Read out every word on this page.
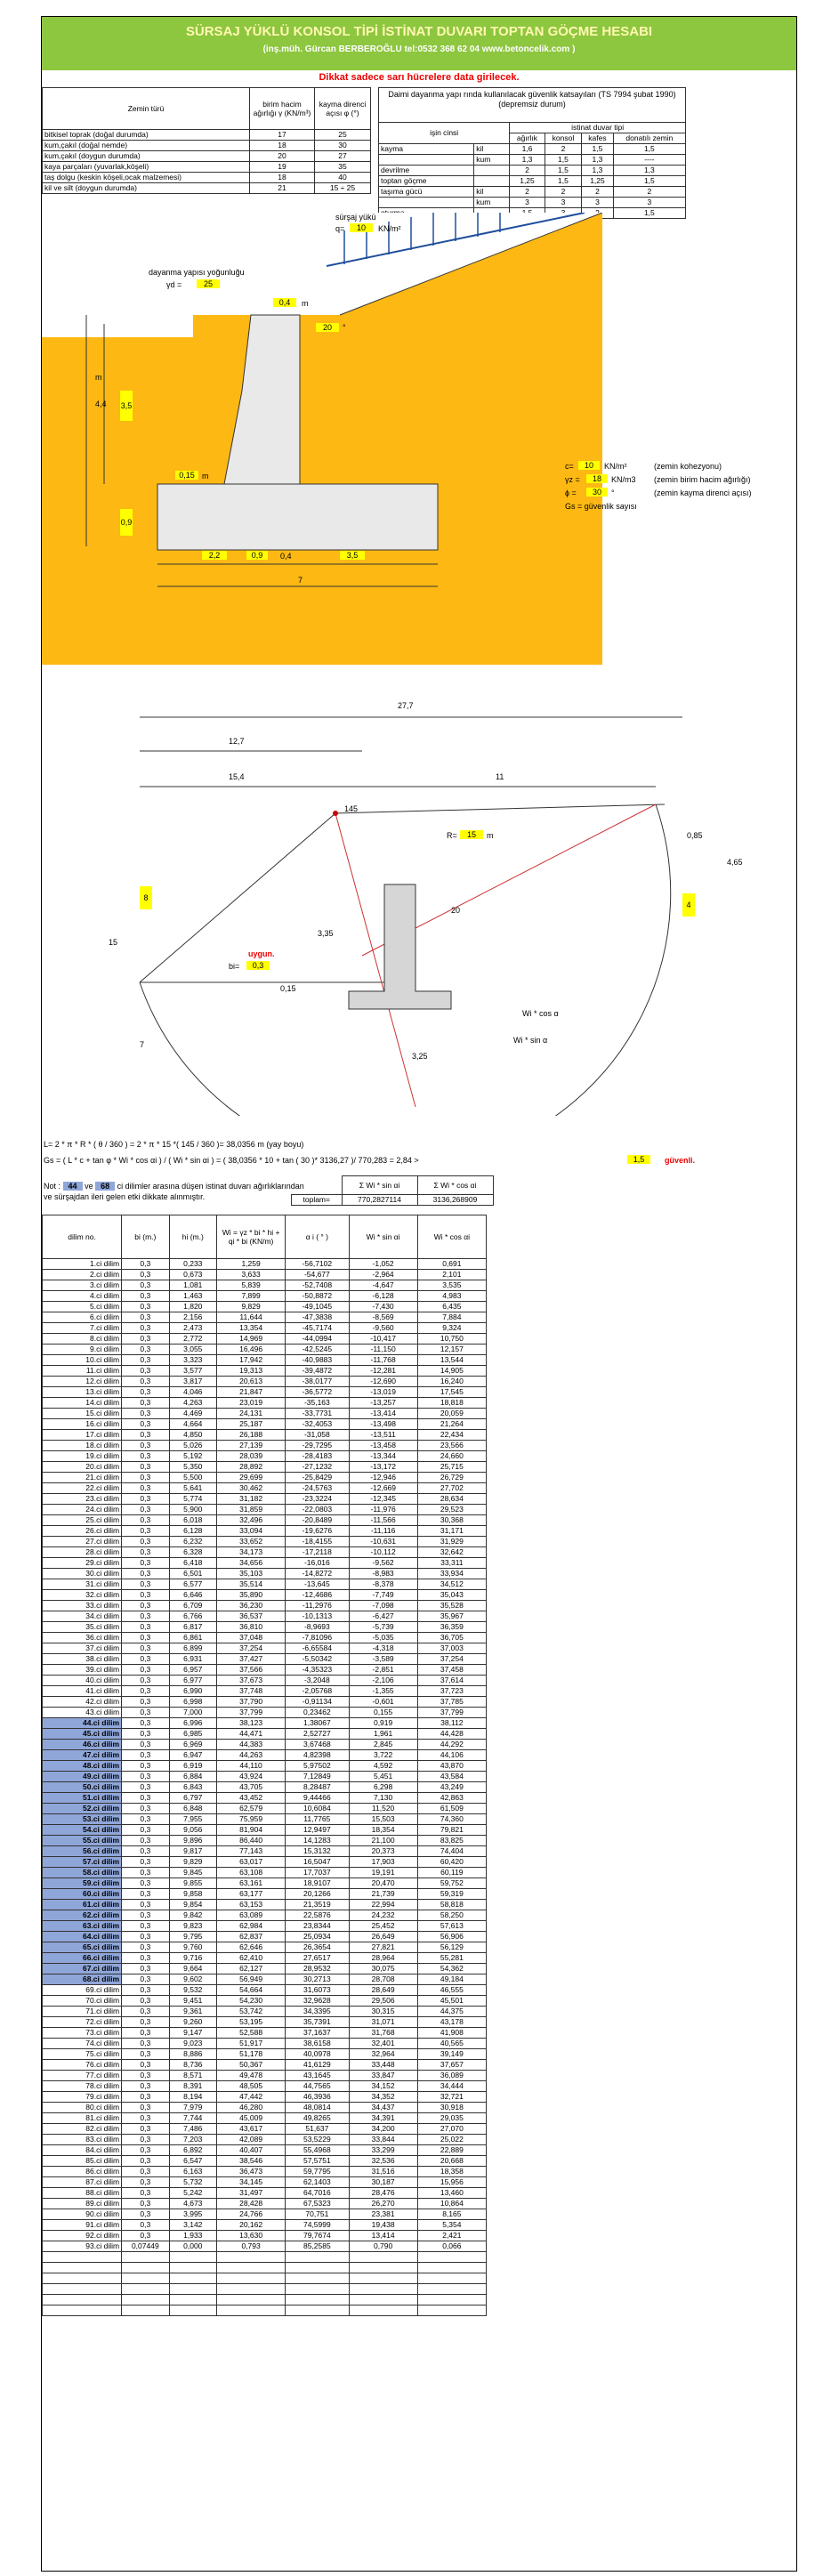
SÜRSAJ YÜKLÜ KONSOL TİPİ İSTİNAT DUVARI TOPTAN GÖÇME HESABI
(inş.müh. Gürcan BERBEROĞLU tel:0532 368 62 04 www.betoncelik.com )
Dikkat sadece sarı hücrelere data girilecek.
Zemin türü	birim hacim ağırlığı γ (KN/m³)	kayma direnci açısı φ (°)
bitkisel toprak (doğal durumda)	17	25
kum,çakıl (doğal nemde)	18	30
kum,çakıl (doygun durumda)	20	27
kaya parçaları (yuvarlak,köşeli)	19	35
taş dolgu (keskin köşeli,ocak malzemesi)	18	40
kil ve silt (doygun durumda)	21	15 ÷ 25
Daimi dayanma yapı rında kullanılacak güvenlik katsayıları (TS 7994 şubat 1990) (depremsiz durum)
işin cinsi		istinat duvar tipi			
		ağırlık	konsol	kafes	donatılı zemin
kayma	kil	1,6	2	1,5	1,5
	kum	1,3	1,5	1,3	----
devrilme		2	1,5	1,3	1,3
toptan göçme		1,25	1,5	1,25	1,5
taşıma gücü	kil	2	2	2	2
	kum	3	3	3	3
					1,5
sürşaj yükü
q=	10	KN/m²
dayanma yapısı yoğunluğu
γd =	25
0,4	m
20	°
3,5
4,4
m
0,15 m
0,9
2,2	0,9	0,4	3,5
7
c=	10	KN/m²	(zemin kohezyonu)
γz =	18	KN/m3 (zemin birim hacim ağırlığı)
ϕ =	30	°	(zemin kayma direnci açısı)
Gs = güvenlik sayısı
27,7
12,7
15,4	11
145
R=	15	m
20
8
4
0,85
4,65
15
7
3,35
uygun.
bi=	0,3
0,15
3,25
Wi * cos α
Wi * sin α
L= 2 * π * R * ( θ / 360 ) = 2 * π * 15 *( 145 / 360 )= 38,0356 m (yay boyu)
Gs = ( L * c + tan φ * Wi * cos αi ) / ( Wi * sin αi ) = ( 38,0356 * 10 + tan ( 30 )* 3136,27 )/ 770,283 = 2,84 >	1,5	güvenli.
Not : 44 ve 68 ci dilimler arasına düşen istinat duvarı ağırlıklarından ve sürşajdan ileri gelen etki dikkate alınmıştır.
	Σ Wi * sin αi	Σ Wi * cos αi
toplam=	770,2827114	3136,268909
dilim no.	bi (m.)	hi (m.)	Wi = γz * bi * hi + qi * bi (KN/m)	α i ( ° )	Wi * sin αi	Wi * cos αi
1.ci dilim	0,3	0,233	1,259	-56,7102	-1,052	0,691
2.ci dilim	0,3	0,673	3,633	-54,677	-2,964	2,101
3.ci dilim	0,3	1,081	5,839	-52,7408	-4,647	3,535
4.ci dilim	0,3	1,463	7,899	-50,8872	-6,128	4,983
5.ci dilim	0,3	1,820	9,829	-49,1045	-7,430	6,435
6.ci dilim	0,3	2,156	11,644	-47,3838	-8,569	7,884
7.ci dilim	0,3	2,473	13,354	-45,7174	-9,560	9,324
8.ci dilim	0,3	2,772	14,969	-44,0994	-10,417	10,750
9.ci dilim	0,3	3,055	16,496	-42,5245	-11,150	12,157
10.ci dilim	0,3	3,323	17,942	-40,9883	-11,768	13,544
11.ci dilim	0,3	3,577	19,313	-39,4872	-12,281	14,905
12.ci dilim	0,3	3,817	20,613	-38,0177	-12,690	16,240
13.ci dilim	0,3	4,046	21,847	-36,5772	-13,019	17,545
14.ci dilim	0,3	4,263	23,019	-35,163	-13,257	18,818
15.ci dilim	0,3	4,469	24,131	-33,7731	-13,414	20,059
16.ci dilim	0,3	4,664	25,187	-32,4053	-13,498	21,264
17.ci dilim	0,3	4,850	26,188	-31,058	-13,511	22,434
18.ci dilim	0,3	5,026	27,139	-29,7295	-13,458	23,566
19.ci dilim	0,3	5,192	28,039	-28,4183	-13,344	24,660
20.ci dilim	0,3	5,350	28,892	-27,1232	-13,172	25,715
21.ci dilim	0,3	5,500	29,699	-25,8429	-12,946	26,729
22.ci dilim	0,3	5,641	30,462	-24,5763	-12,669	27,702
23.ci dilim	0,3	5,774	31,182	-23,3224	-12,345	28,634
24.ci dilim	0,3	5,900	31,859	-22,0803	-11,976	29,523
25.ci dilim	0,3	6,018	32,496	-20,8489	-11,566	30,368
26.ci dilim	0,3	6,128	33,094	-19,6276	-11,116	31,171
27.ci dilim	0,3	6,232	33,652	-18,4155	-10,631	31,929
28.ci dilim	0,3	6,328	34,173	-17,2118	-10,112	32,642
29.ci dilim	0,3	6,418	34,656	-16,016	-9,562	33,311
30.ci dilim	0,3	6,501	35,103	-14,8272	-8,983	33,934
31.ci dilim	0,3	6,577	35,514	-13,645	-8,378	34,512
32.ci dilim	0,3	6,646	35,890	-12,4686	-7,749	35,043
33.ci dilim	0,3	6,709	36,230	-11,2976	-7,098	35,528
34.ci dilim	0,3	6,766	36,537	-10,1313	-6,427	35,967
35.ci dilim	0,3	6,817	36,810	-8,9693	-5,739	36,359
36.ci dilim	0,3	6,861	37,048	-7,81096	-5,035	36,705
37.ci dilim	0,3	6,899	37,254	-6,65584	-4,318	37,003
38.ci dilim	0,3	6,931	37,427	-5,50342	-3,589	37,254
39.ci dilim	0,3	6,957	37,566	-4,35323	-2,851	37,458
40.ci dilim	0,3	6,977	37,673	-3,2048	-2,106	37,614
41.ci dilim	0,3	6,990	37,748	-2,05768	-1,355	37,723
42.ci dilim	0,3	6,998	37,790	-0,91134	-0,601	37,785
43.ci dilim	0,3	7,000	37,799	0,23462	0,155	37,799
44.ci dilim	0,3	6,996	38,123	1,38067	0,919	38,112
45.ci dilim	0,3	6,985	44,471	2,52727	1,961	44,428
46.ci dilim	0,3	6,969	44,383	3,67468	2,845	44,292
47.ci dilim	0,3	6,947	44,263	4,82398	3,722	44,106
48.ci dilim	0,3	6,919	44,110	5,97502	4,592	43,870
49.ci dilim	0,3	6,884	43,924	7,12849	5,451	43,584
50.ci dilim	0,3	6,843	43,705	8,28487	6,298	43,249
51.ci dilim	0,3	6,797	43,452	9,44466	7,130	42,863
52.ci dilim	0,3	6,848	62,579	10,6084	11,520	61,509
53.ci dilim	0,3	7,955	75,959	11,7765	15,503	74,360
54.ci dilim	0,3	9,056	81,904	12,9497	18,354	79,821
55.ci dilim	0,3	9,896	86,440	14,1283	21,100	83,825
56.ci dilim	0,3	9,817	77,143	15,3132	20,373	74,404
57.ci dilim	0,3	9,829	63,017	16,5047	17,903	60,420
58.ci dilim	0,3	9,845	63,108	17,7037	19,191	60,119
59.ci dilim	0,3	9,855	63,161	18,9107	20,470	59,752
60.ci dilim	0,3	9,858	63,177	20,1266	21,739	59,319
61.ci dilim	0,3	9,854	63,153	21,3519	22,994	58,818
62.ci dilim	0,3	9,842	63,089	22,5876	24,232	58,250
63.ci dilim	0,3	9,823	62,984	23,8344	25,452	57,613
64.ci dilim	0,3	9,795	62,837	25,0934	26,649	56,906
65.ci dilim	0,3	9,760	62,646	26,3654	27,821	56,129
66.ci dilim	0,3	9,716	62,410	27,6517	28,964	55,281
67.ci dilim	0,3	9,664	62,127	28,9532	30,075	54,362
68.ci dilim	0,3	9,602	56,949	30,2713	28,708	49,184
69.ci dilim	0,3	9,532	54,664	31,6073	28,649	46,555
70.ci dilim	0,3	9,451	54,230	32,9628	29,506	45,501
71.ci dilim	0,3	9,361	53,742	34,3395	30,315	44,375
72.ci dilim	0,3	9,260	53,195	35,7391	31,071	43,178
73.ci dilim	0,3	9,147	52,588	37,1637	31,768	41,908
74.ci dilim	0,3	9,023	51,917	38,6158	32,401	40,565
75.ci dilim	0,3	8,886	51,178	40,0978	32,964	39,149
76.ci dilim	0,3	8,736	50,367	41,6129	33,448	37,657
77.ci dilim	0,3	8,571	49,478	43,1645	33,847	36,089
78.ci dilim	0,3	8,391	48,505	44,7565	34,152	34,444
79.ci dilim	0,3	8,194	47,442	46,3936	34,352	32,721
80.ci dilim	0,3	7,979	46,280	48,0814	34,437	30,918
81.ci dilim	0,3	7,744	45,009	49,8265	34,391	29,035
82.ci dilim	0,3	7,486	43,617	51,637	34,200	27,070
83.ci dilim	0,3	7,203	42,089	53,5229	33,844	25,022
84.ci dilim	0,3	6,892	40,407	55,4968	33,299	22,889
85.ci dilim	0,3	6,547	38,546	57,5751	32,536	20,668
86.ci dilim	0,3	6,163	36,473	59,7795	31,516	18,358
87.ci dilim	0,3	5,732	34,145	62,1403	30,187	15,956
88.ci dilim	0,3	5,242	31,497	64,7016	28,476	13,460
89.ci dilim	0,3	4,673	28,428	67,5323	26,270	10,864
90.ci dilim	0,3	3,995	24,766	70,751	23,381	8,165
91.ci dilim	0,3	3,142	20,162	74,5999	19,438	5,354
92.ci dilim	0,3	1,933	13,630	79,7674	13,414	2,421
93.ci dilim	0,07449	0,000	0,793	85,2585	0,790	0,066
